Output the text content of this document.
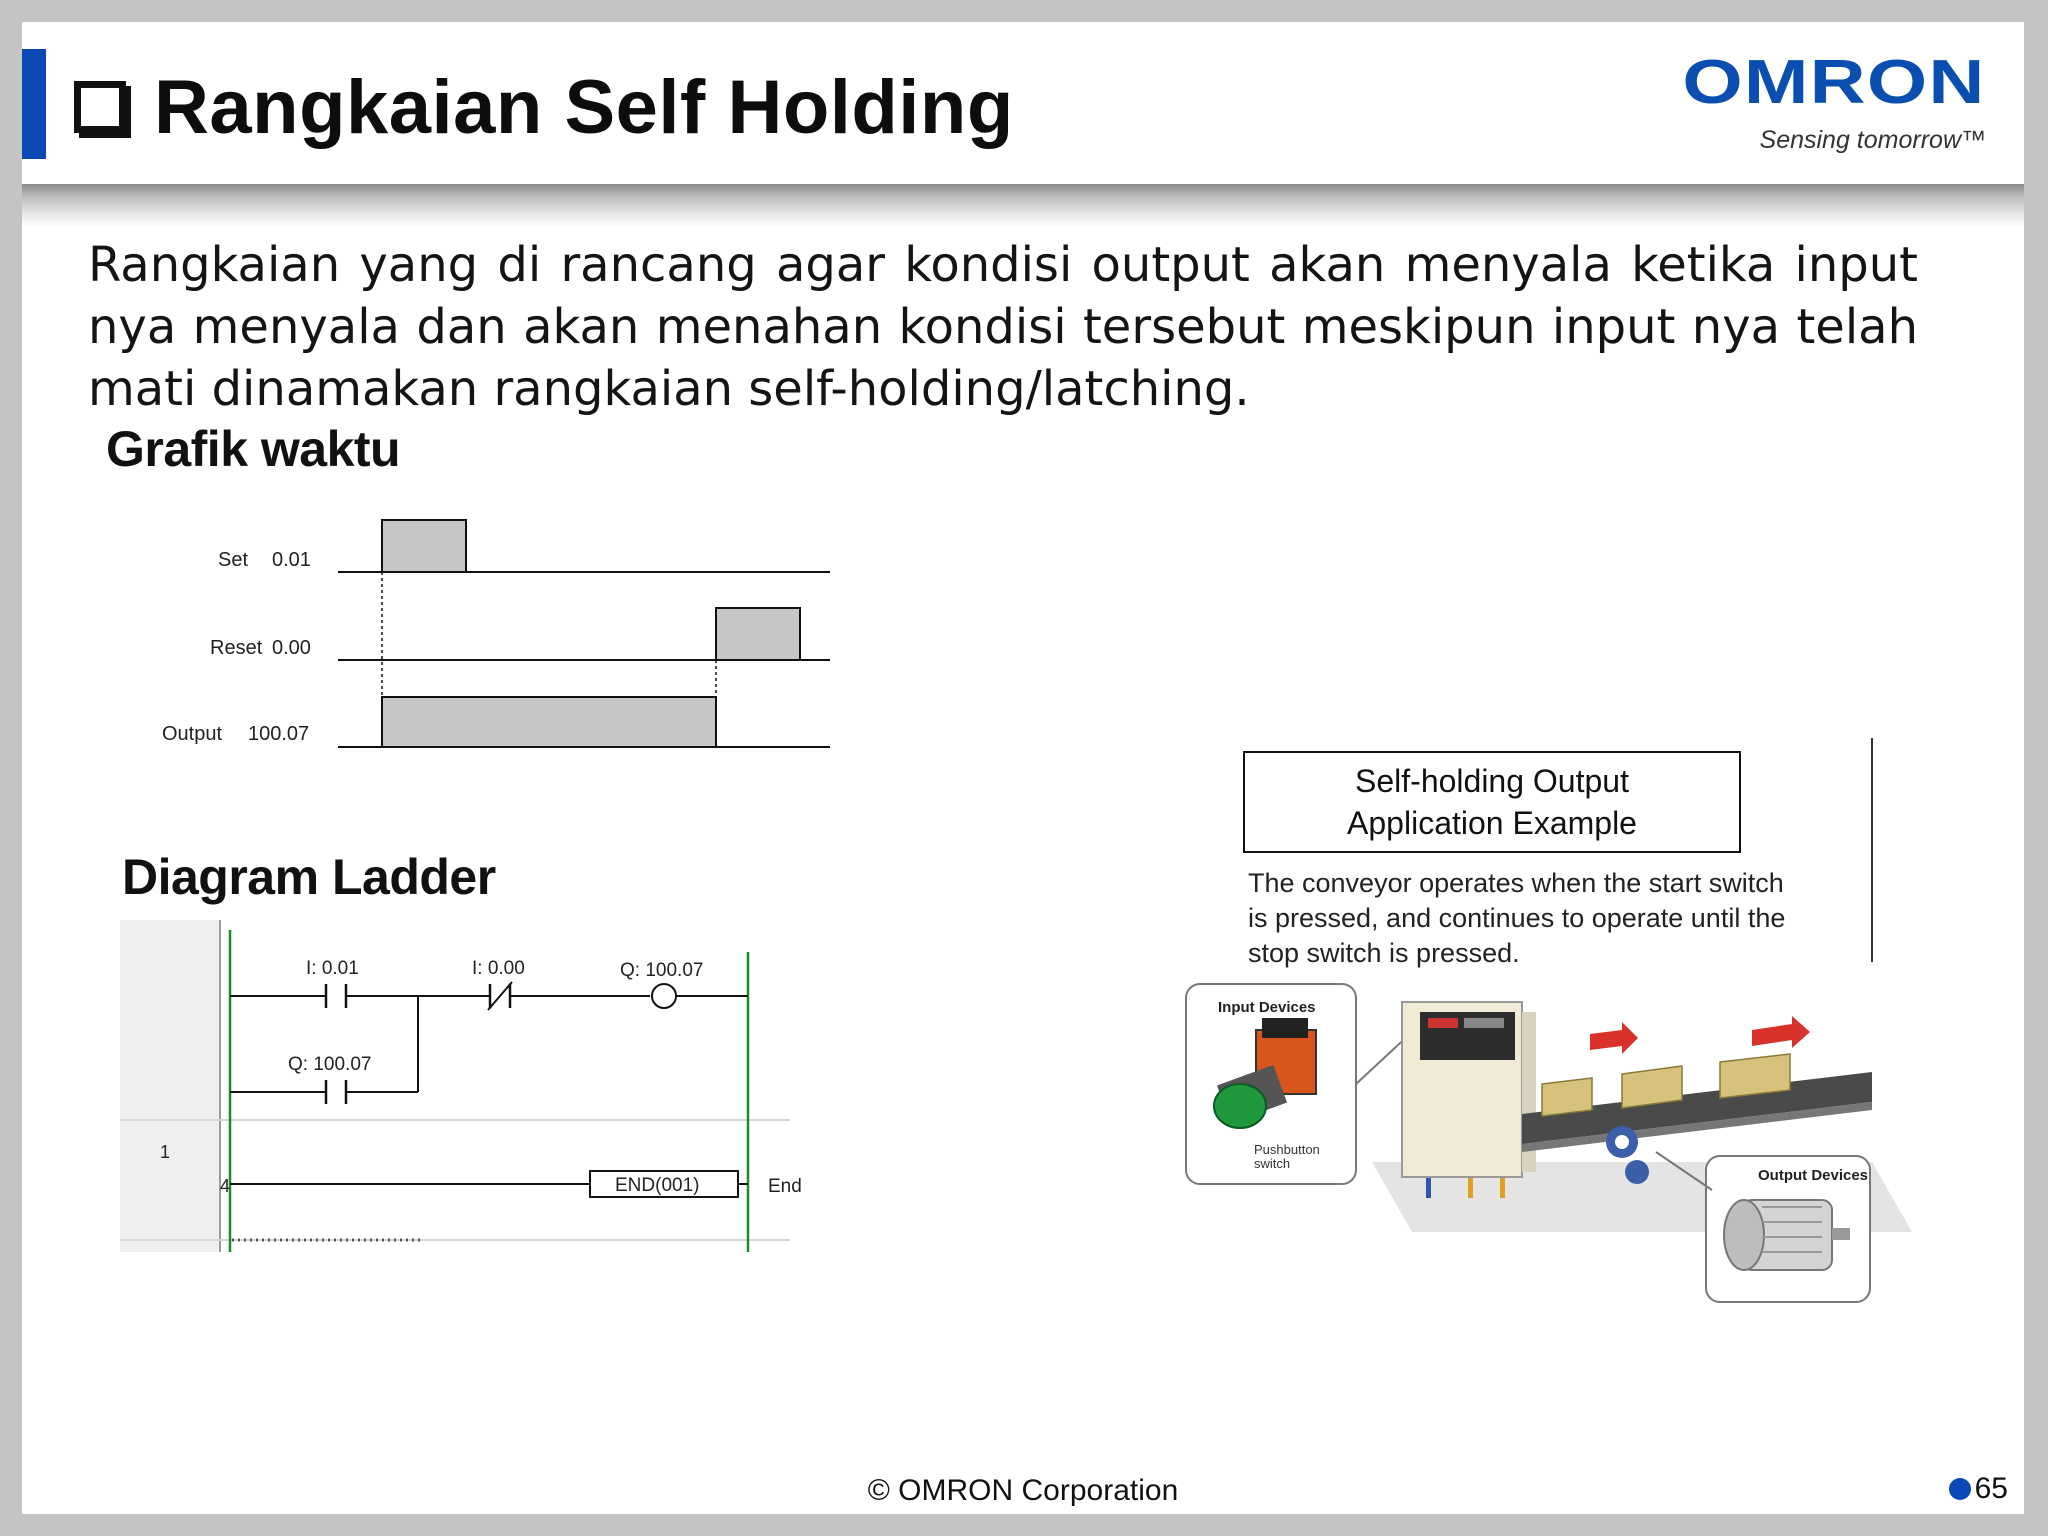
Rangkaian Self Holding	OMRON
Sensing tomorrow™
Rangkaian yang di rancang agar kondisi output akan menyala ketika input nya menyala dan akan menahan kondisi tersebut meskipun input nya telah mati dinamakan rangkaian self-holding/latching.
Grafik waktu
Set 0.01
Reset 0.00
Output 100.07
Diagram Ladder
I: 0.01	I: 0.00	Q: 100.07
Q: 100.07
1
4	END(001)	End
Self-holding Output
Application Example
The conveyor operates when the start switch
is pressed, and continues to operate until the
stop switch is pressed.
Input Devices
Pushbutton
switch
Output Devices
© OMRON Corporation	65
